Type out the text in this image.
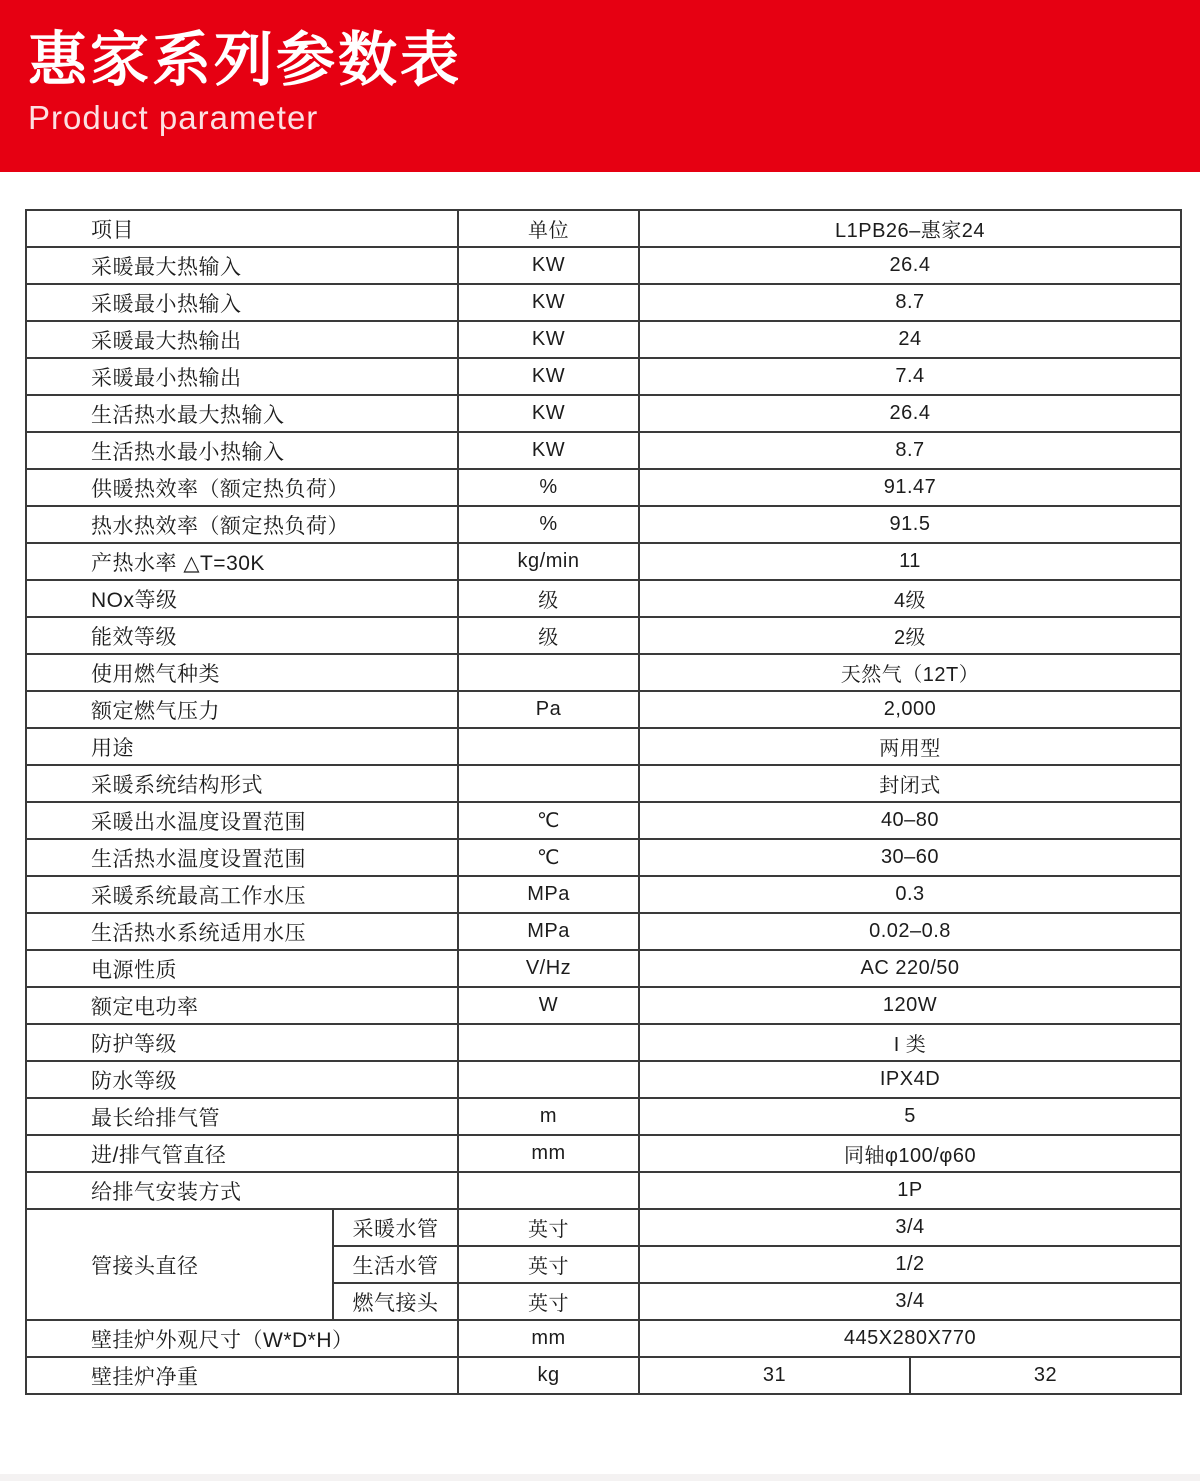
惠家系列参数表
Product parameter
项目		单位	L1PB26–惠家24	
采暖最大热输入		KW	26.4	
采暖最小热输入		KW	8.7	
采暖最大热输出		KW	24	
采暖最小热输出		KW	7.4	
生活热水最大热输入		KW	26.4	
生活热水最小热输入		KW	8.7	
供暖热效率（额定热负荷）		%	91.47	
热水热效率（额定热负荷）		%	91.5	
产热水率 △T=30K		kg/min	11	
NOx等级		级	4级	
能效等级		级	2级	
使用燃气种类			天然气（12T）	
额定燃气压力		Pa	2,000	
用途			两用型	
采暖系统结构形式			封闭式	
采暖出水温度设置范围		℃	40–80	
生活热水温度设置范围		℃	30–60	
采暖系统最高工作水压		MPa	0.3	
生活热水系统适用水压		MPa	0.02–0.8	
电源性质		V/Hz	AC 220/50	
额定电功率		W	120W	
防护等级			I 类	
防水等级			IPX4D	
最长给排气管		m	5	
进/排气管直径		mm	同轴φ100/φ60	
给排气安装方式			1P	
管接头直径	采暖水管	英寸	3/4	
	生活水管	英寸	1/2	
	燃气接头	英寸	3/4	
壁挂炉外观尺寸（W*D*H）		mm	445X280X770	
壁挂炉净重		kg	31	32
